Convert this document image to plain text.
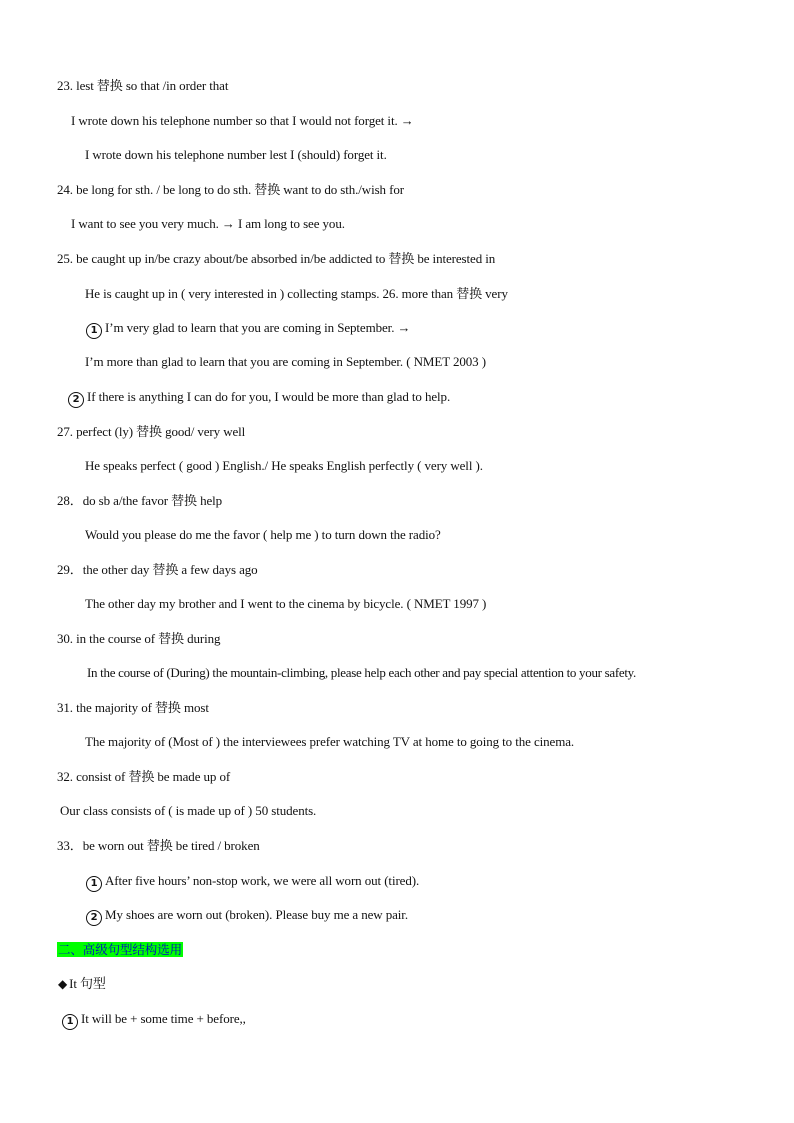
23. lest 替换 so that /in order that
I wrote down his telephone number so that I would not forget it. →
I wrote down his telephone number lest I (should) forget it.
24. be long for sth. / be long to do sth. 替换 want to do sth./wish for
I want to see you very much. → I am long to see you.
25. be caught up in/be crazy about/be absorbed in/be addicted to 替换 be interested in
He is caught up in ( very interested in ) collecting stamps. 26. more than 替换 very
1 I’m very glad to learn that you are coming in September. →
I’m more than glad to learn that you are coming in September. ( NMET 2003 )
2 If there is anything I can do for you, I would be more than glad to help.
27. perfect (ly) 替换 good/ very well
He speaks perfect ( good ) English./ He speaks English perfectly ( very well ).
28．do sb a/the favor 替换 help
Would you please do me the favor ( help me ) to turn down the radio?
29．the other day 替换 a few days ago
The other day my brother and I went to the cinema by bicycle. ( NMET 1997 )
30. in the course of 替换 during
In the course of (During) the mountain-climbing, please help each other and pay special attention to your safety.
31. the majority of 替换 most
The majority of (Most of ) the interviewees prefer watching TV at home to going to the cinema.
32. consist of 替换 be made up of
Our class consists of ( is made up of ) 50 students.
33．be worn out 替换 be tired / broken
1 After five hours’ non-stop work, we were all worn out (tired).
2 My shoes are worn out (broken). Please buy me a new pair.
二、高级句型结构选用
◆ It 句型
1 It will be + some time + before,,
